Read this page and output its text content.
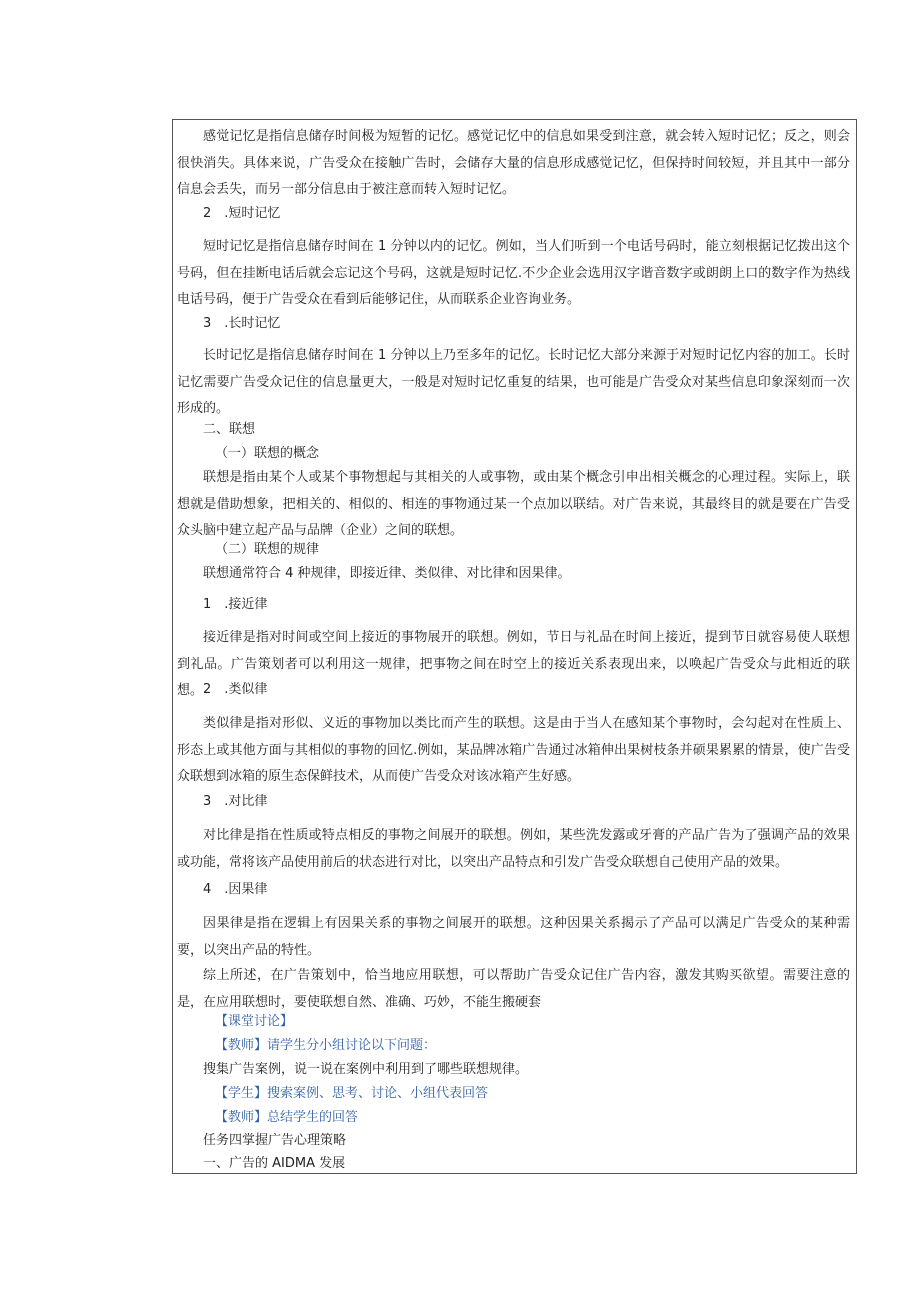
感觉记忆是指信息储存时间极为短暂的记忆。感觉记忆中的信息如果受到注意，就会转入短时记忆；反之，则会很快消失。具体来说，广告受众在接触广告时，会储存大量的信息形成感觉记忆，但保持时间较短，并且其中一部分信息会丢失，而另一部分信息由于被注意而转入短时记忆。
2　.短时记忆
短时记忆是指信息储存时间在 1 分钟以内的记忆。例如，当人们听到一个电话号码时，能立刻根据记忆拨出这个号码，但在挂断电话后就会忘记这个号码，这就是短时记忆.不少企业会选用汉字谐音数字或朗朗上口的数字作为热线电话号码，便于广告受众在看到后能够记住，从而联系企业咨询业务。
3　.长时记忆
长时记忆是指信息储存时间在 1 分钟以上乃至多年的记忆。长时记忆大部分来源于对短时记忆内容的加工。长时记忆需要广告受众记住的信息量更大，一般是对短时记忆重复的结果，也可能是广告受众对某些信息印象深刻而一次形成的。
二、联想
（一）联想的概念
联想是指由某个人或某个事物想起与其相关的人或事物，或由某个概念引申出相关概念的心理过程。实际上，联想就是借助想象，把相关的、相似的、相连的事物通过某一个点加以联结。对广告来说，其最终目的就是要在广告受众头脑中建立起产品与品牌（企业）之间的联想。
（二）联想的规律
联想通常符合 4 种规律，即接近律、类似律、对比律和因果律。
1　.接近律
接近律是指对时间或空间上接近的事物展开的联想。例如，节日与礼品在时间上接近，提到节日就容易使人联想到礼品。广告策划者可以利用这一规律，把事物之间在时空上的接近关系表现出来，以唤起广告受众与此相近的联想。 2　.类似律
类似律是指对形似、义近的事物加以类比而产生的联想。这是由于当人在感知某个事物时，会勾起对在性质上、形态上或其他方面与其相似的事物的回忆.例如，某品牌冰箱广告通过冰箱伸出果树枝条并硕果累累的情景，使广告受众联想到冰箱的原生态保鲜技术，从而使广告受众对该冰箱产生好感。
3　.对比律
对比律是指在性质或特点相反的事物之间展开的联想。例如，某些洗发露或牙膏的产品广告为了强调产品的效果或功能，常将该产品使用前后的状态进行对比，以突出产品特点和引发广告受众联想自己使用产品的效果。
4　.因果律
因果律是指在逻辑上有因果关系的事物之间展开的联想。这种因果关系揭示了产品可以满足广告受众的某种需要，以突出产品的特性。
综上所述，在广告策划中，恰当地应用联想，可以帮助广告受众记住广告内容，激发其购买欲望。需要注意的是，在应用联想时，要使联想自然、准确、巧妙，不能生搬硬套
【课堂讨论】
【教师】请学生分小组讨论以下问题：
搜集广告案例，说一说在案例中利用到了哪些联想规律。
【学生】搜索案例、思考、讨论、小组代表回答
【教师】总结学生的回答
任务四掌握广告心理策略
一、广告的 AIDMA 发展
